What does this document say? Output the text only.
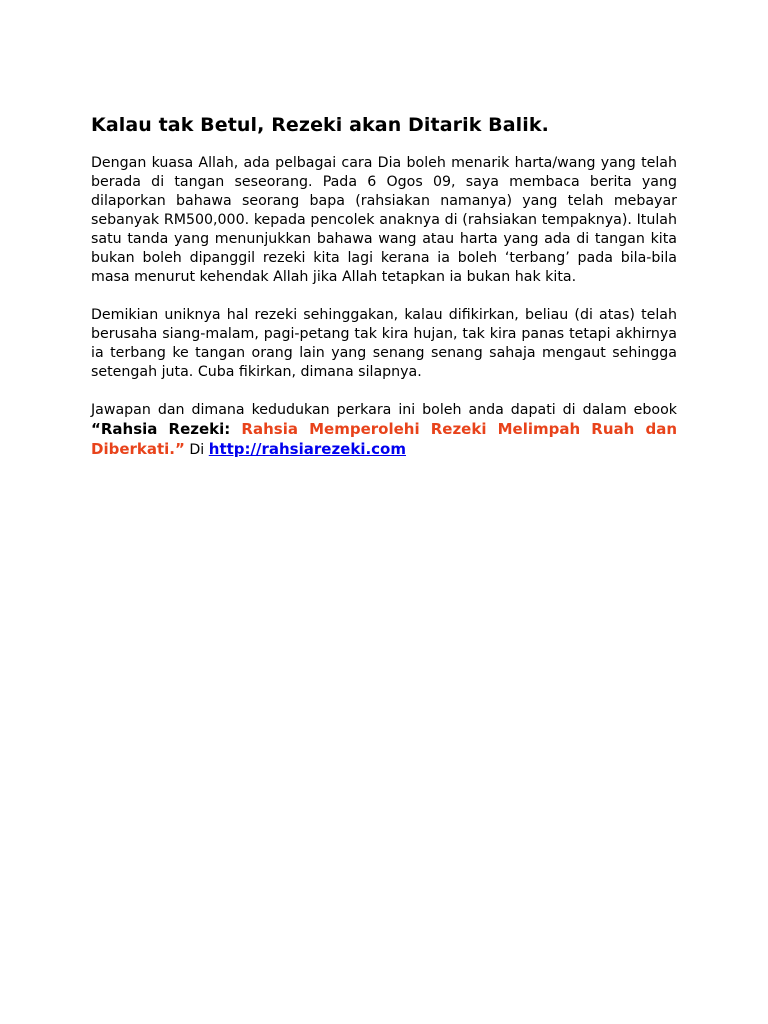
Kalau tak Betul, Rezeki akan Ditarik Balik.

Dengan kuasa Allah, ada pelbagai cara Dia boleh menarik harta/wang yang telah berada di tangan seseorang. Pada 6 Ogos 09, saya membaca berita yang dilaporkan bahawa seorang bapa (rahsiakan namanya) yang telah mebayar sebanyak RM500,000. kepada pencolek anaknya di (rahsiakan tempaknya). Itulah satu tanda yang menunjukkan bahawa wang atau harta yang ada di tangan kita bukan boleh dipanggil rezeki kita lagi kerana ia boleh ‘terbang’ pada bila-bila masa menurut kehendak Allah jika Allah tetapkan ia bukan hak kita.

Demikian uniknya hal rezeki sehinggakan, kalau difikirkan, beliau (di atas) telah berusaha siang-malam, pagi-petang tak kira hujan, tak kira panas tetapi akhirnya ia terbang ke tangan orang lain yang senang senang sahaja mengaut sehingga setengah juta. Cuba fikirkan, dimana silapnya.

Jawapan dan dimana kedudukan perkara ini boleh anda dapati di dalam ebook “Rahsia Rezeki: Rahsia Memperolehi Rezeki Melimpah Ruah dan Diberkati.” Di http://rahsiarezeki.com
